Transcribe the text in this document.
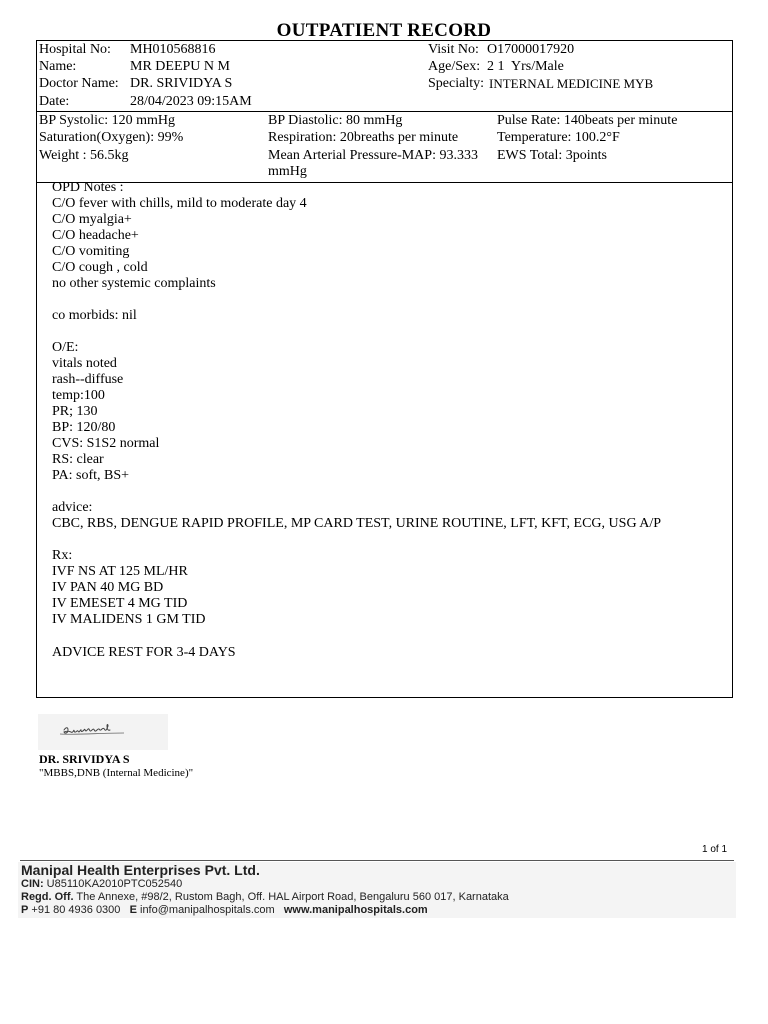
OUTPATIENT RECORD
Hospital No: MH010568816
Name:	MR DEEPU N M
Doctor Name: DR. SRIVIDYA S
Date:	28/04/2023 09:15AM
Visit No: O17000017920
Age/Sex: 2 1  Yrs/Male
Specialty: INTERNAL MEDICINE MYB
BP Systolic: 120 mmHg
Saturation(Oxygen): 99%
Weight : 56.5kg
BP Diastolic: 80 mmHg
Respiration: 20breaths per minute
Mean Arterial Pressure-MAP: 93.333
mmHg
Pulse Rate: 140beats per minute
Temperature: 100.2°F
EWS Total: 3points
OPD Notes :
C/O fever with chills, mild to moderate day 4
C/O myalgia+
C/O headache+
C/O vomiting
C/O cough , cold
no other systemic complaints
co morbids: nil
O/E:
vitals noted
rash--diffuse
temp:100
PR; 130
BP: 120/80
CVS: S1S2 normal
RS: clear
PA: soft, BS+
advice:
CBC, RBS, DENGUE RAPID PROFILE, MP CARD TEST, URINE ROUTINE, LFT, KFT, ECG, USG A/P
Rx:
IVF NS AT 125 ML/HR
IV PAN 40 MG BD
IV EMESET 4 MG TID
IV MALIDENS 1 GM TID
ADVICE REST FOR 3-4 DAYS
DR. SRIVIDYA S
"MBBS,DNB (Internal Medicine)"
1 of 1
Manipal Health Enterprises Pvt. Ltd.
CIN: U85110KA2010PTC052540
Regd. Off. The Annexe, #98/2, Rustom Bagh, Off. HAL Airport Road, Bengaluru 560 017, Karnataka
P +91 80 4936 0300 E info@manipalhospitals.com www.manipalhospitals.com
